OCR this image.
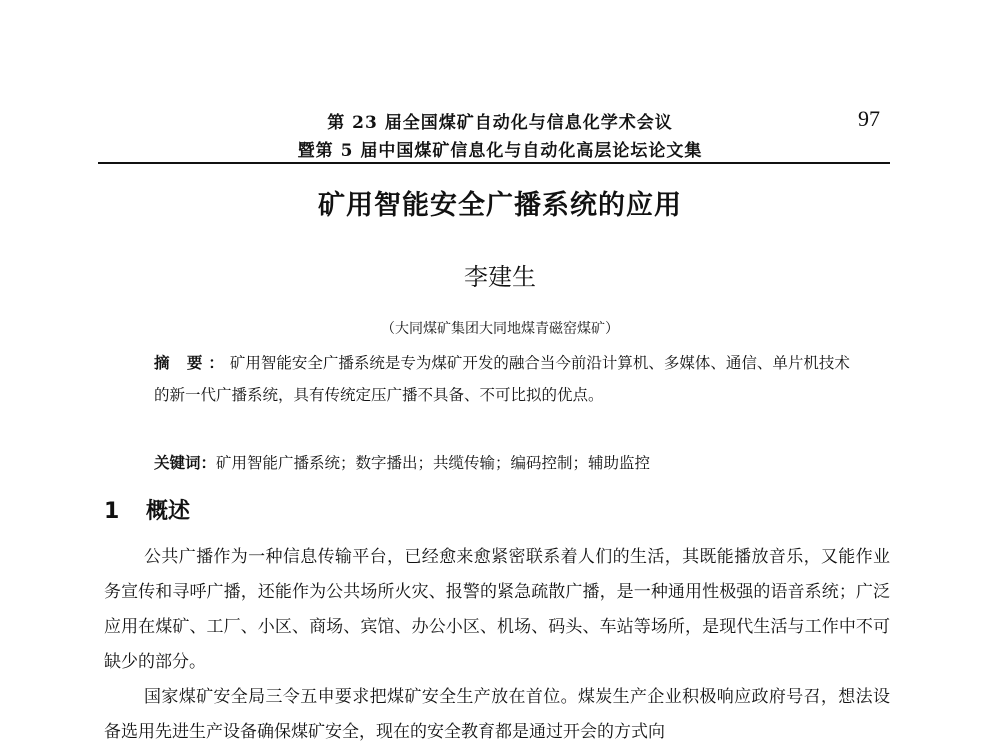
第 23 届全国煤矿自动化与信息化学术会议
暨第 5 届中国煤矿信息化与自动化高层论坛论文集
97
矿用智能安全广播系统的应用
李建生
（大同煤矿集团大同地煤青磁窑煤矿）
摘 要：矿用智能安全广播系统是专为煤矿开发的融合当今前沿计算机、多媒体、通信、单片机技术的新一代广播系统，具有传统定压广播不具备、不可比拟的优点。
关键词：矿用智能广播系统；数字播出；共缆传输；编码控制；辅助监控
1 概述
公共广播作为一种信息传输平台，已经愈来愈紧密联系着人们的生活，其既能播放音乐，又能作业务宣传和寻呼广播，还能作为公共场所火灾、报警的紧急疏散广播，是一种通用性极强的语音系统；广泛应用在煤矿、工厂、小区、商场、宾馆、办公小区、机场、码头、车站等场所，是现代生活与工作中不可缺少的部分。
国家煤矿安全局三令五申要求把煤矿安全生产放在首位。煤炭生产企业积极响应政府号召，想法设备选用先进生产设备确保煤矿安全，现在的安全教育都是通过开会的方式向
